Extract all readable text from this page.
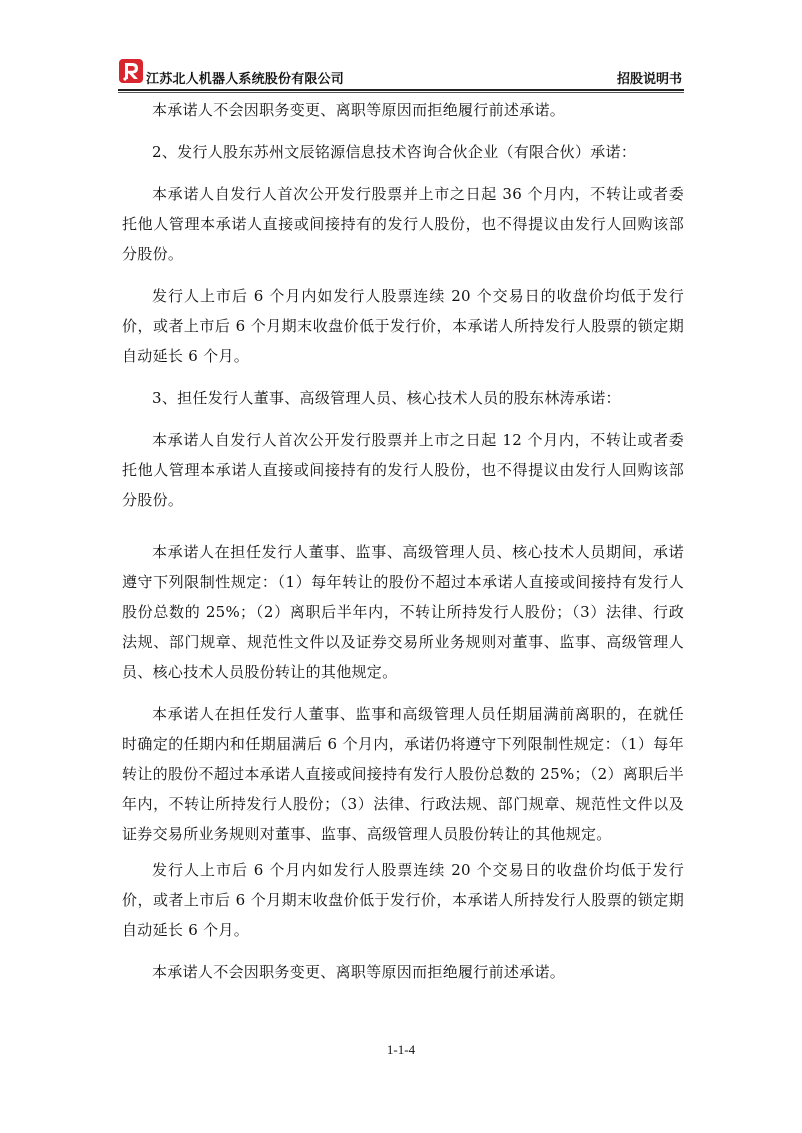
江苏北人机器人系统股份有限公司	招股说明书

本承诺人不会因职务变更、离职等原因而拒绝履行前述承诺。

2、发行人股东苏州文辰铭源信息技术咨询合伙企业（有限合伙）承诺：

本承诺人自发行人首次公开发行股票并上市之日起 36 个月内，不转让或者委托他人管理本承诺人直接或间接持有的发行人股份，也不得提议由发行人回购该部分股份。

发行人上市后 6 个月内如发行人股票连续 20 个交易日的收盘价均低于发行价，或者上市后 6 个月期末收盘价低于发行价，本承诺人所持发行人股票的锁定期自动延长 6 个月。

3、担任发行人董事、高级管理人员、核心技术人员的股东林涛承诺：

本承诺人自发行人首次公开发行股票并上市之日起 12 个月内，不转让或者委托他人管理本承诺人直接或间接持有的发行人股份，也不得提议由发行人回购该部分股份。

本承诺人在担任发行人董事、监事、高级管理人员、核心技术人员期间，承诺遵守下列限制性规定：（1）每年转让的股份不超过本承诺人直接或间接持有发行人股份总数的 25%；（2）离职后半年内，不转让所持发行人股份；（3）法律、行政法规、部门规章、规范性文件以及证券交易所业务规则对董事、监事、高级管理人员、核心技术人员股份转让的其他规定。

本承诺人在担任发行人董事、监事和高级管理人员任期届满前离职的，在就任时确定的任期内和任期届满后 6 个月内，承诺仍将遵守下列限制性规定：（1）每年转让的股份不超过本承诺人直接或间接持有发行人股份总数的 25%；（2）离职后半年内，不转让所持发行人股份；（3）法律、行政法规、部门规章、规范性文件以及证券交易所业务规则对董事、监事、高级管理人员股份转让的其他规定。

发行人上市后 6 个月内如发行人股票连续 20 个交易日的收盘价均低于发行价，或者上市后 6 个月期末收盘价低于发行价，本承诺人所持发行人股票的锁定期自动延长 6 个月。

本承诺人不会因职务变更、离职等原因而拒绝履行前述承诺。

1-1-4
